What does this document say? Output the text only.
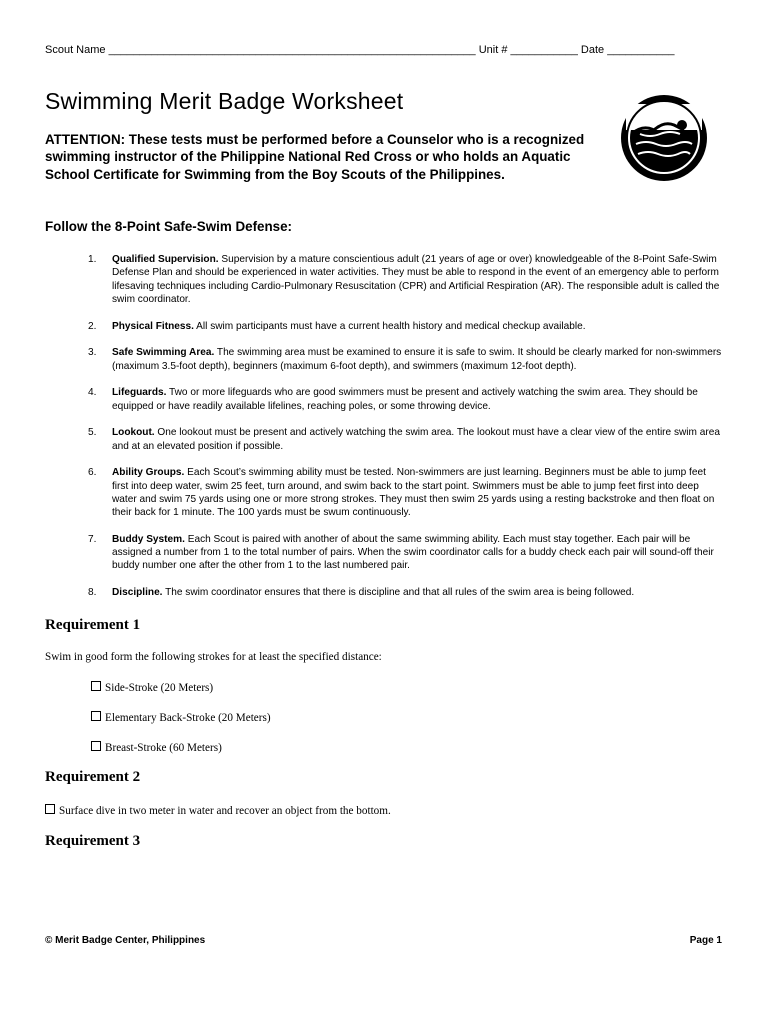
Scout Name ____________________________________________________________ Unit # ___________ Date ___________
Swimming Merit Badge Worksheet

ATTENTION: These tests must be performed before a Counselor who is a recognized swimming instructor of the Philippine National Red Cross or who holds an Aquatic School Certificate for Swimming from the Boy Scouts of the Philippines.

Follow the 8-Point Safe-Swim Defense:
1. Qualified Supervision. Supervision by a mature conscientious adult (21 years of age or over) knowledgeable of the 8-Point Safe-Swim Defense Plan and should be experienced in water activities. They must be able to respond in the event of an emergency able to perform lifesaving techniques including Cardio-Pulmonary Resuscitation (CPR) and Artificial Respiration (AR). The responsible adult is called the swim coordinator.
2. Physical Fitness. All swim participants must have a current health history and medical checkup available.
3. Safe Swimming Area. The swimming area must be examined to ensure it is safe to swim. It should be clearly marked for non-swimmers (maximum 3.5-foot depth), beginners (maximum 6-foot depth), and swimmers (maximum 12-foot depth).
4. Lifeguards. Two or more lifeguards who are good swimmers must be present and actively watching the swim area. They should be equipped or have readily available lifelines, reaching poles, or some throwing device.
5. Lookout. One lookout must be present and actively watching the swim area. The lookout must have a clear view of the entire swim area and at an elevated position if possible.
6. Ability Groups. Each Scout’s swimming ability must be tested. Non-swimmers are just learning. Beginners must be able to jump feet first into deep water, swim 25 feet, turn around, and swim back to the start point. Swimmers must be able to jump feet first into deep water and swim 75 yards using one or more strong strokes. They must then swim 25 yards using a resting backstroke and then float on their back for 1 minute. The 100 yards must be swum continuously.
7. Buddy System. Each Scout is paired with another of about the same swimming ability. Each must stay together. Each pair will be assigned a number from 1 to the total number of pairs. When the swim coordinator calls for a buddy check each pair will sound-off their buddy number one after the other from 1 to the last numbered pair.
8. Discipline. The swim coordinator ensures that there is discipline and that all rules of the swim area is being followed.
Requirement 1

Swim in good form the following strokes for at least the specified distance:

Side-Stroke (20 Meters)

Elementary Back-Stroke (20 Meters)

Breast-Stroke (60 Meters)

Requirement 2

Surface dive in two meter in water and recover an object from the bottom.

Requirement 3
© Merit Badge Center, Philippines	Page 1
